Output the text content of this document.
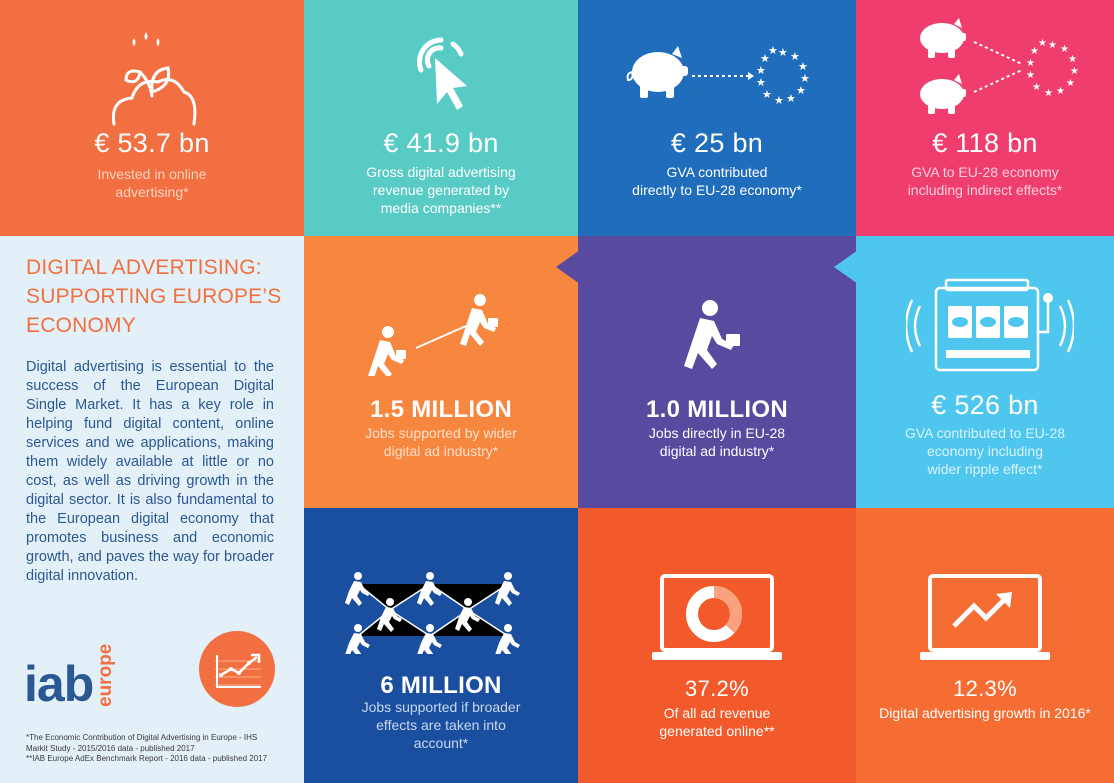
€ 53.7 bn
Invested in online
advertising*
€ 41.9 bn
Gross digital advertising
revenue generated by
media companies**
★ ★
★
★
★
★
★
★
★
★
★
★
€ 25 bn
GVA contributed
directly to EU-28 economy*
★ ★
★
★
★
★
★
★
★
★
★
★
€ 118 bn
GVA to EU-28 economy
including indirect effects*
DIGITAL ADVERTISING:
SUPPORTING EUROPE’S
ECONOMY
Digital advertising is essential to the success of the European Digital Single Market. It has a key role in helping fund digital content, online services and we applications, making them widely available at little or no cost, as well as driving growth in the digital sector. It is also fundamental to the European digital economy that promotes business and economic growth, and paves the way for broader digital innovation.
iab europe
*The Economic Contribution of Digital Advertising in Europe - IHS
Markit Study - 2015/2016 data - published 2017
**IAB Europe AdEx Benchmark Report - 2016 data - published 2017
1.5 MILLION
Jobs supported by wider
digital ad industry*
1.0 MILLION
Jobs directly in EU-28
digital ad industry*
€ 526 bn
GVA contributed to EU-28
economy including
wider ripple effect*
6 MILLION
Jobs supported if broader
effects are taken into
account*
37.2%
Of all ad revenue
generated online**
12.3%
Digital advertising growth in 2016*
